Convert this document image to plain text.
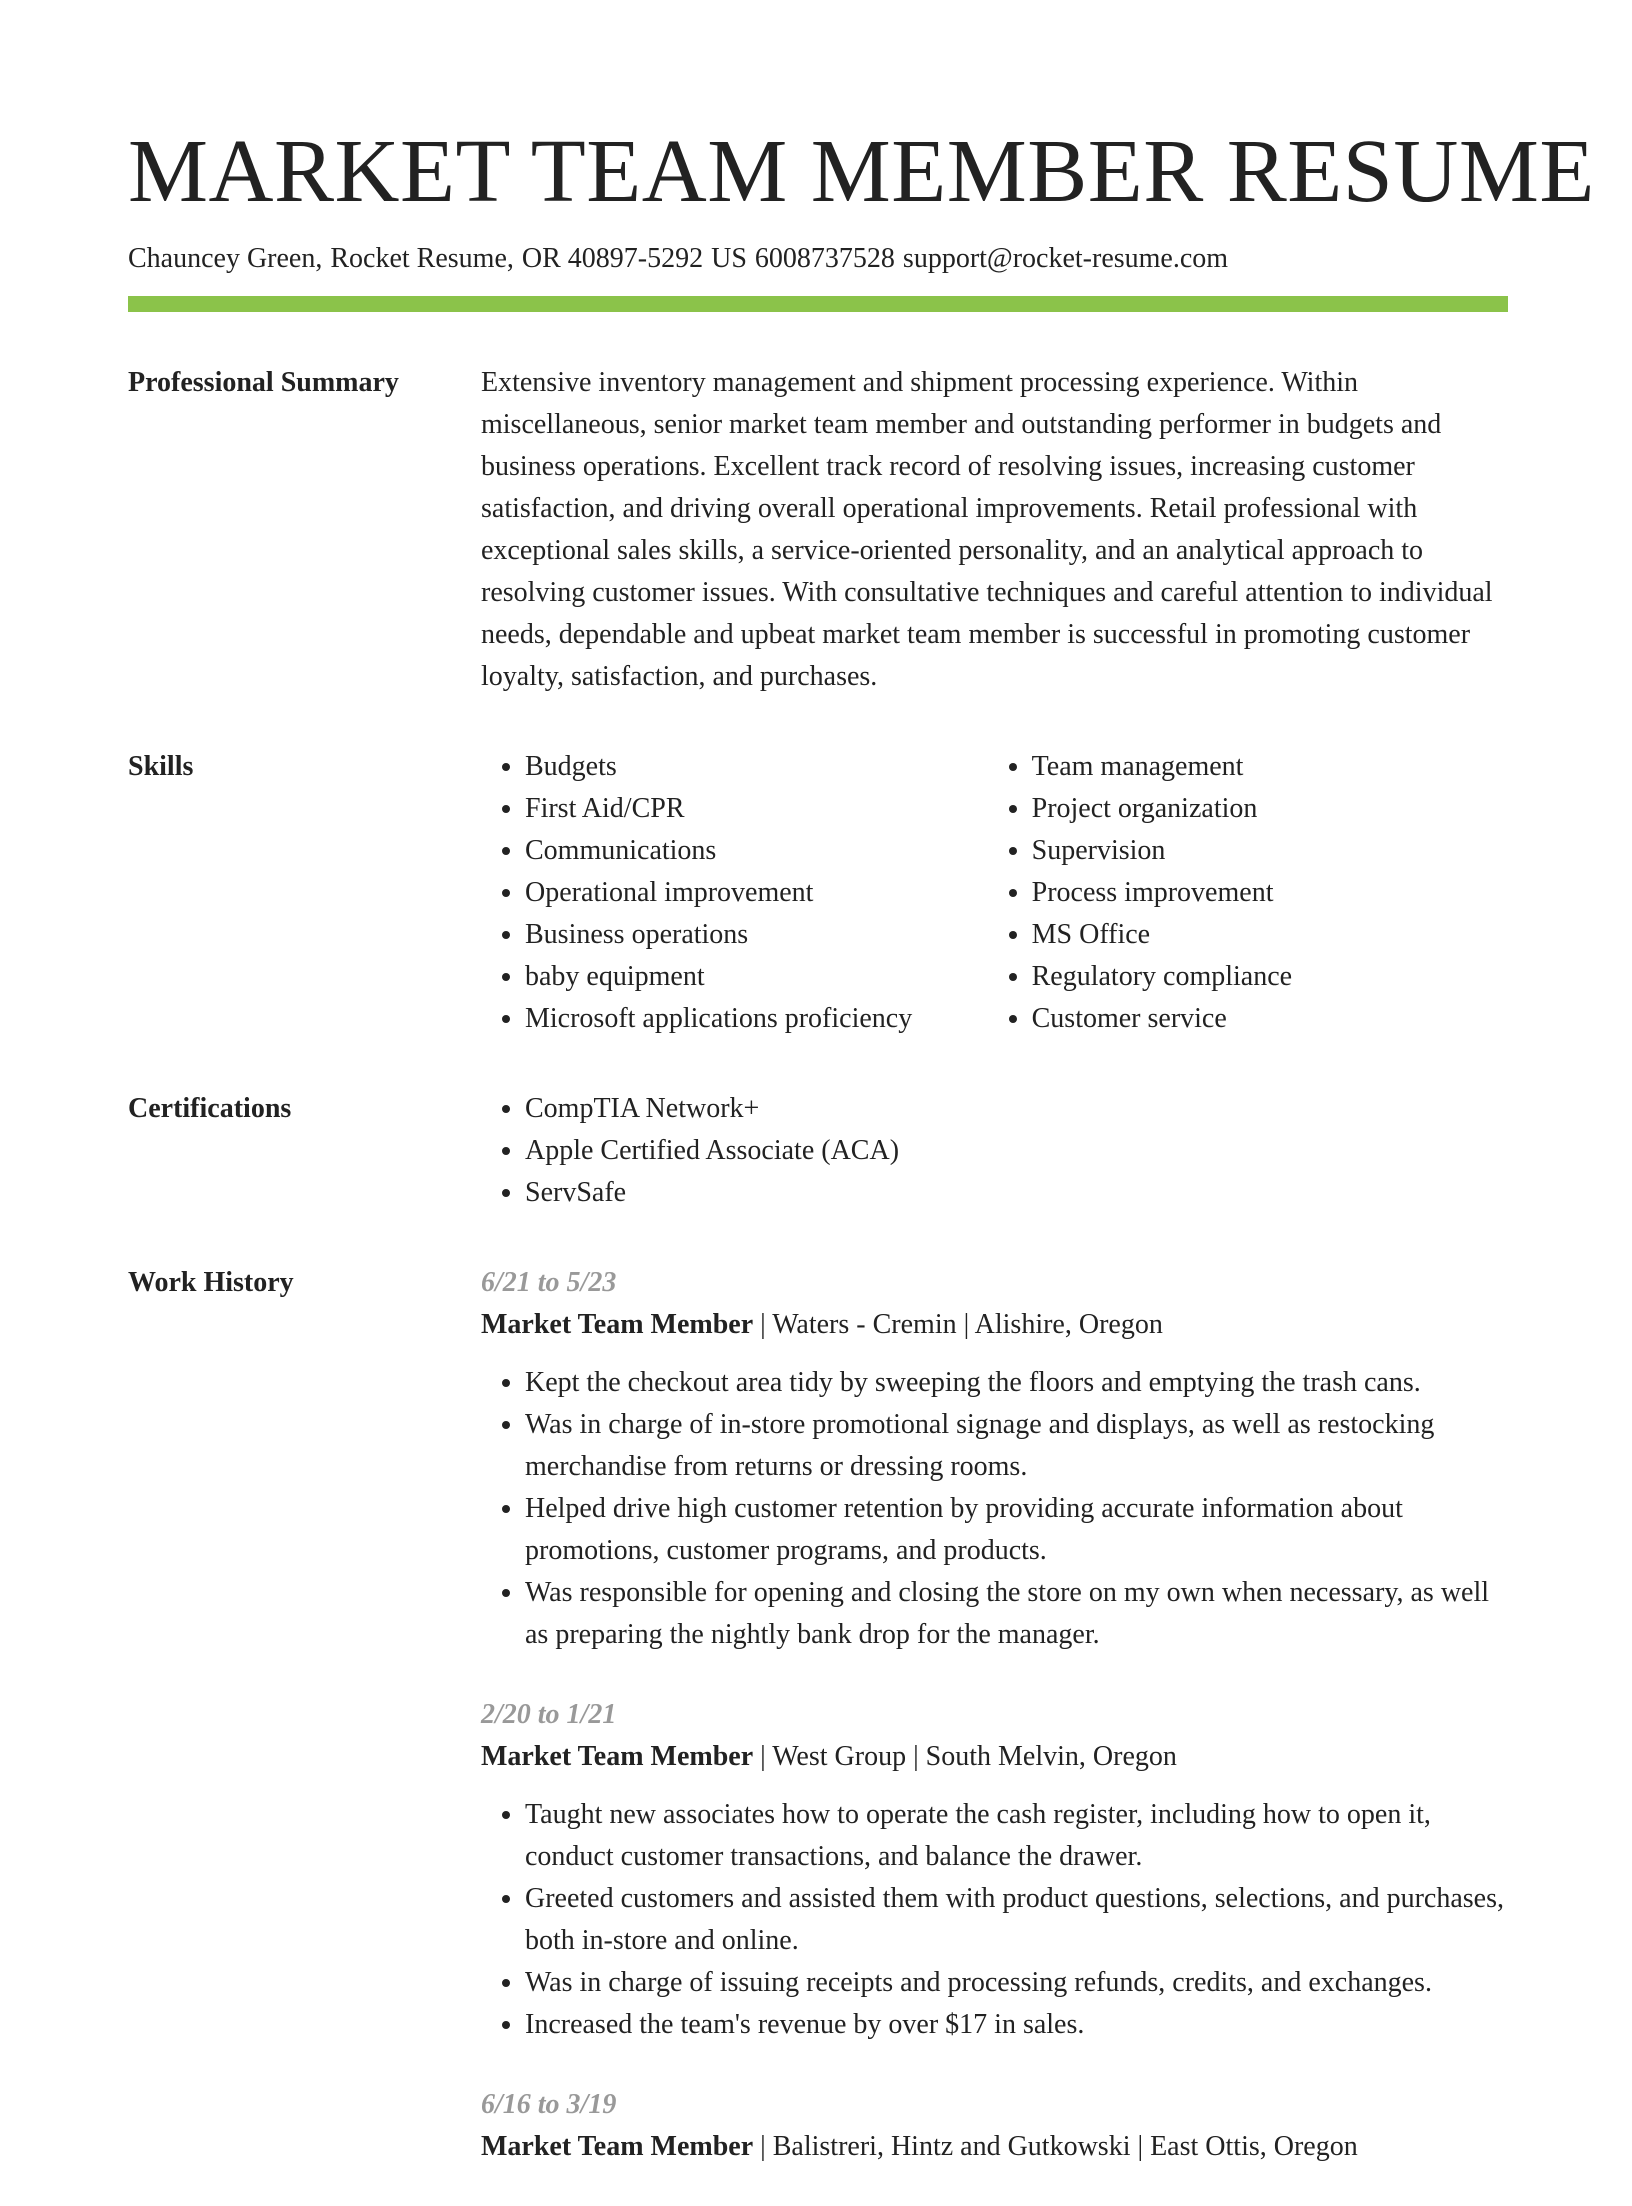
MARKET TEAM MEMBER RESUME
Chauncey Green, Rocket Resume, OR 40897-5292 US 6008737528 support@rocket-resume.com
Professional Summary	Extensive inventory management and shipment processing experience. Within miscellaneous, senior market team member and outstanding performer in budgets and business operations. Excellent track record of resolving issues, increasing customer satisfaction, and driving overall operational improvements. Retail professional with exceptional sales skills, a service-oriented personality, and an analytical approach to resolving customer issues. With consultative techniques and careful attention to individual needs, dependable and upbeat market team member is successful in promoting customer loyalty, satisfaction, and purchases.

Skills	• Budgets
• First Aid/CPR
• Communications
• Operational improvement
• Business operations
• baby equipment
• Microsoft applications proficiency
• Team management
• Project organization
• Supervision
• Process improvement
• MS Office
• Regulatory compliance
• Customer service
Certifications	• CompTIA Network+
• Apple Certified Associate (ACA)
• ServSafe
Work History	6/21 to 5/23
Market Team Member | Waters - Cremin | Alishire, Oregon
• Kept the checkout area tidy by sweeping the floors and emptying the trash cans.
• Was in charge of in-store promotional signage and displays, as well as restocking merchandise from returns or dressing rooms.
• Helped drive high customer retention by providing accurate information about promotions, customer programs, and products.
• Was responsible for opening and closing the store on my own when necessary, as well as preparing the nightly bank drop for the manager.
2/20 to 1/21
Market Team Member | West Group | South Melvin, Oregon
• Taught new associates how to operate the cash register, including how to open it, conduct customer transactions, and balance the drawer.
• Greeted customers and assisted them with product questions, selections, and purchases, both in-store and online.
• Was in charge of issuing receipts and processing refunds, credits, and exchanges.
• Increased the team's revenue by over $17 in sales.
6/16 to 3/19
Market Team Member | Balistreri, Hintz and Gutkowski | East Ottis, Oregon
